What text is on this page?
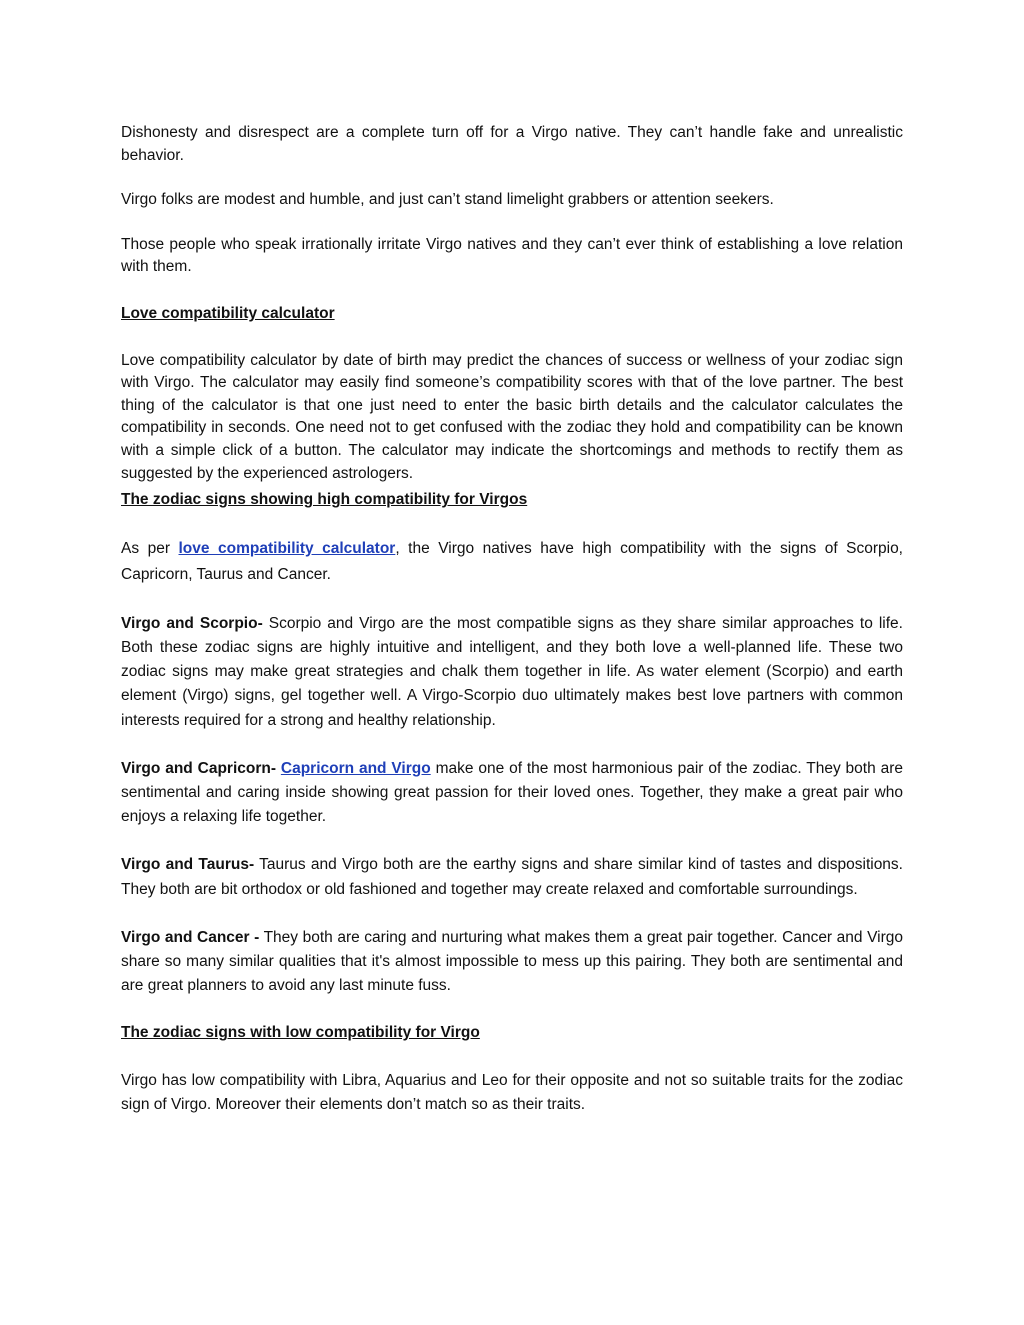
Dishonesty and disrespect are a complete turn off for a Virgo native. They can’t handle fake and unrealistic behavior.

Virgo folks are modest and humble, and just can’t stand limelight grabbers or attention seekers.

Those people who speak irrationally irritate Virgo natives and they can’t ever think of establishing a love relation with them.

Love compatibility calculator

Love compatibility calculator by date of birth may predict the chances of success or wellness of your zodiac sign with Virgo. The calculator may easily find someone’s compatibility scores with that of the love partner. The best thing of the calculator is that one just need to enter the basic birth details and the calculator calculates the compatibility in seconds. One need not to get confused with the zodiac they hold and compatibility can be known with a simple click of a button. The calculator may indicate the shortcomings and methods to rectify them as suggested by the experienced astrologers.

The zodiac signs showing high compatibility for Virgos

As per love compatibility calculator, the Virgo natives have high compatibility with the signs of Scorpio, Capricorn, Taurus and Cancer.

Virgo and Scorpio- Scorpio and Virgo are the most compatible signs as they share similar approaches to life. Both these zodiac signs are highly intuitive and intelligent, and they both love a well-planned life. These two zodiac signs may make great strategies and chalk them together in life. As water element (Scorpio) and earth element (Virgo) signs, gel together well. A Virgo-Scorpio duo ultimately makes best love partners with common interests required for a strong and healthy relationship.

Virgo and Capricorn- Capricorn and Virgo make one of the most harmonious pair of the zodiac. They both are sentimental and caring inside showing great passion for their loved ones. Together, they make a great pair who enjoys a relaxing life together.

Virgo and Taurus- Taurus and Virgo both are the earthy signs and share similar kind of tastes and dispositions. They both are bit orthodox or old fashioned and together may create relaxed and comfortable surroundings.

Virgo and Cancer - They both are caring and nurturing what makes them a great pair together. Cancer and Virgo share so many similar qualities that it's almost impossible to mess up this pairing. They both are sentimental and are great planners to avoid any last minute fuss.

The zodiac signs with low compatibility for Virgo

Virgo has low compatibility with Libra, Aquarius and Leo for their opposite and not so suitable traits for the zodiac sign of Virgo. Moreover their elements don’t match so as their traits.
